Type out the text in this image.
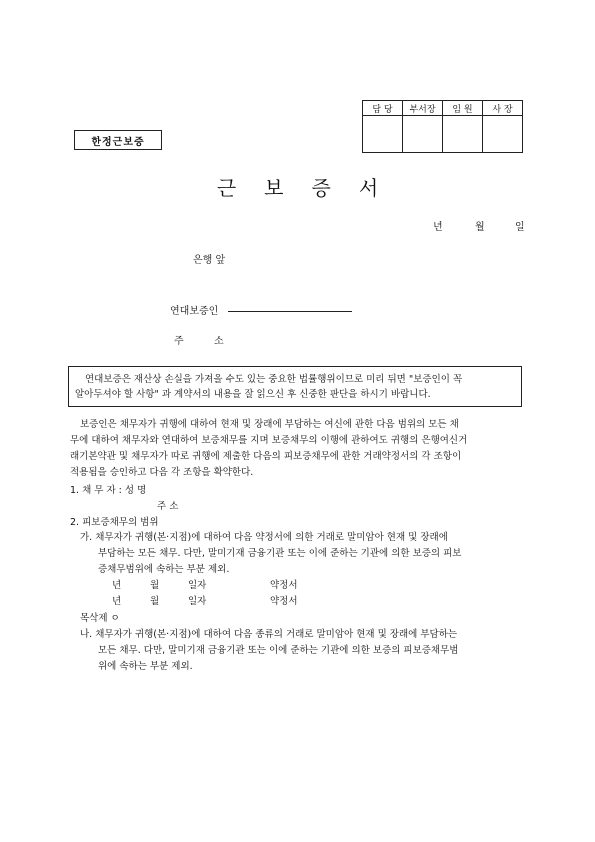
담 당	부서장	임 원	사 장

한정근보증
근보증서
년	월	일
은행 앞
연대보증인
주	소
연대보증은 재산상 손실을 가져올 수도 있는 중요한 법률행위이므로 미리 뒤면 "보증인이 꼭
알아두셔야 할 사항" 과 계약서의 내용을 잘 읽으신 후 신중한 판단을 하시기 바랍니다.
보증인은 채무자가 귀행에 대하여 현재 및 장래에 부담하는 여신에 관한 다음 범위의 모든 채
무에 대하여 채무자와 연대하여 보증채무를 지며 보증채무의 이행에 관하여도 귀행의 은행여신거
래기본약관 및 채무자가 따로 귀행에 제출한 다음의 피보증채무에 관한 거래약정서의 각 조항이
적용됨을 승인하고 다음 각 조항을 확약한다.
1. 채 무 자 : 성 명
주 소
2. 피보증채무의 범위
가. 채무자가 귀행(본·지점)에 대하여 다음 약정서에 의한 거래로 말미암아 현재 및 장래에
부담하는 모든 채무. 다만, 말미기재 금융기관 또는 이에 준하는 기관에 의한 보증의 피보
증채무범위에 속하는 부분 제외.
년	월	일자	약정서
년	월	일자	약정서
목삭제 ㅇ
나. 채무자가 귀행(본·지점)에 대하여 다음 종류의 거래로 말미암아 현재 및 장래에 부담하는
모든 채무. 다만, 말미기재 금융기관 또는 이에 준하는 기관에 의한 보증의 피보증채무범
위에 속하는 부분 제외.
